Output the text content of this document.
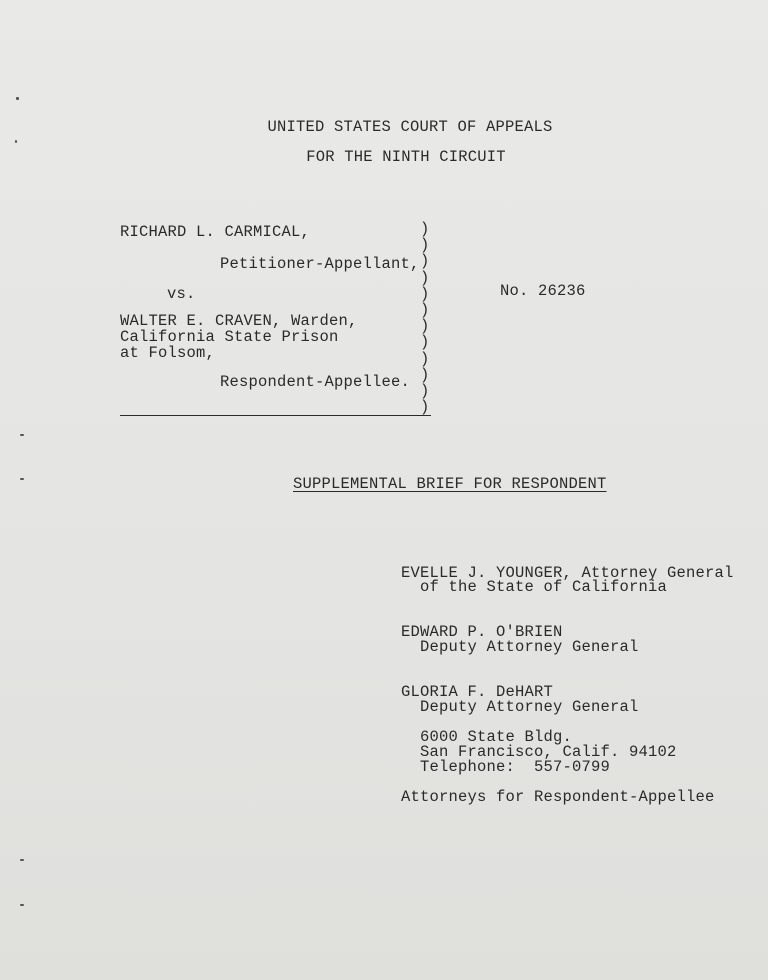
UNITED STATES COURT OF APPEALS
FOR THE NINTH CIRCUIT
RICHARD L. CARMICAL,
Petitioner-Appellant,
vs.
WALTER E. CRAVEN, Warden,
California State Prison
at Folsom,
Respondent-Appellee.
)
)
)
)
)
)
)
)
)
)
)
)
No. 26236
SUPPLEMENTAL BRIEF FOR RESPONDENT
EVELLE J. YOUNGER, Attorney General
of the State of California
EDWARD P. O'BRIEN
Deputy Attorney General
GLORIA F. DeHART
Deputy Attorney General
6000 State Bldg.
San Francisco, Calif. 94102
Telephone:  557-0799
Attorneys for Respondent-Appellee
